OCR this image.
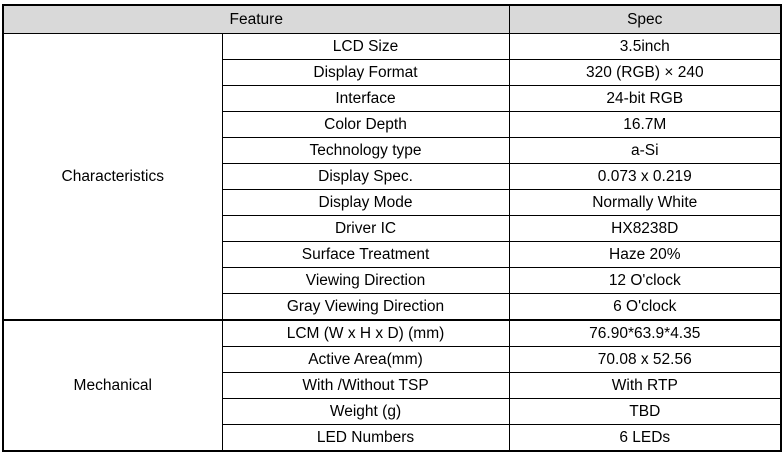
Feature		Spec
Characteristics	LCD Size	3.5inch
	Display Format	320 (RGB) × 240
	Interface	24-bit RGB
	Color Depth	16.7M
	Technology type	a-Si
	Display Spec.	0.073 x 0.219
	Display Mode	Normally White
	Driver IC	HX8238D
	Surface Treatment	Haze 20%
	Viewing Direction	12 O'clock
	Gray Viewing Direction	6 O'clock
Mechanical	LCM (W x H x D) (mm)	76.90*63.9*4.35
	Active Area(mm)	70.08 x 52.56
	With /Without TSP	With RTP
	Weight (g)	TBD
	LED Numbers	6 LEDs
